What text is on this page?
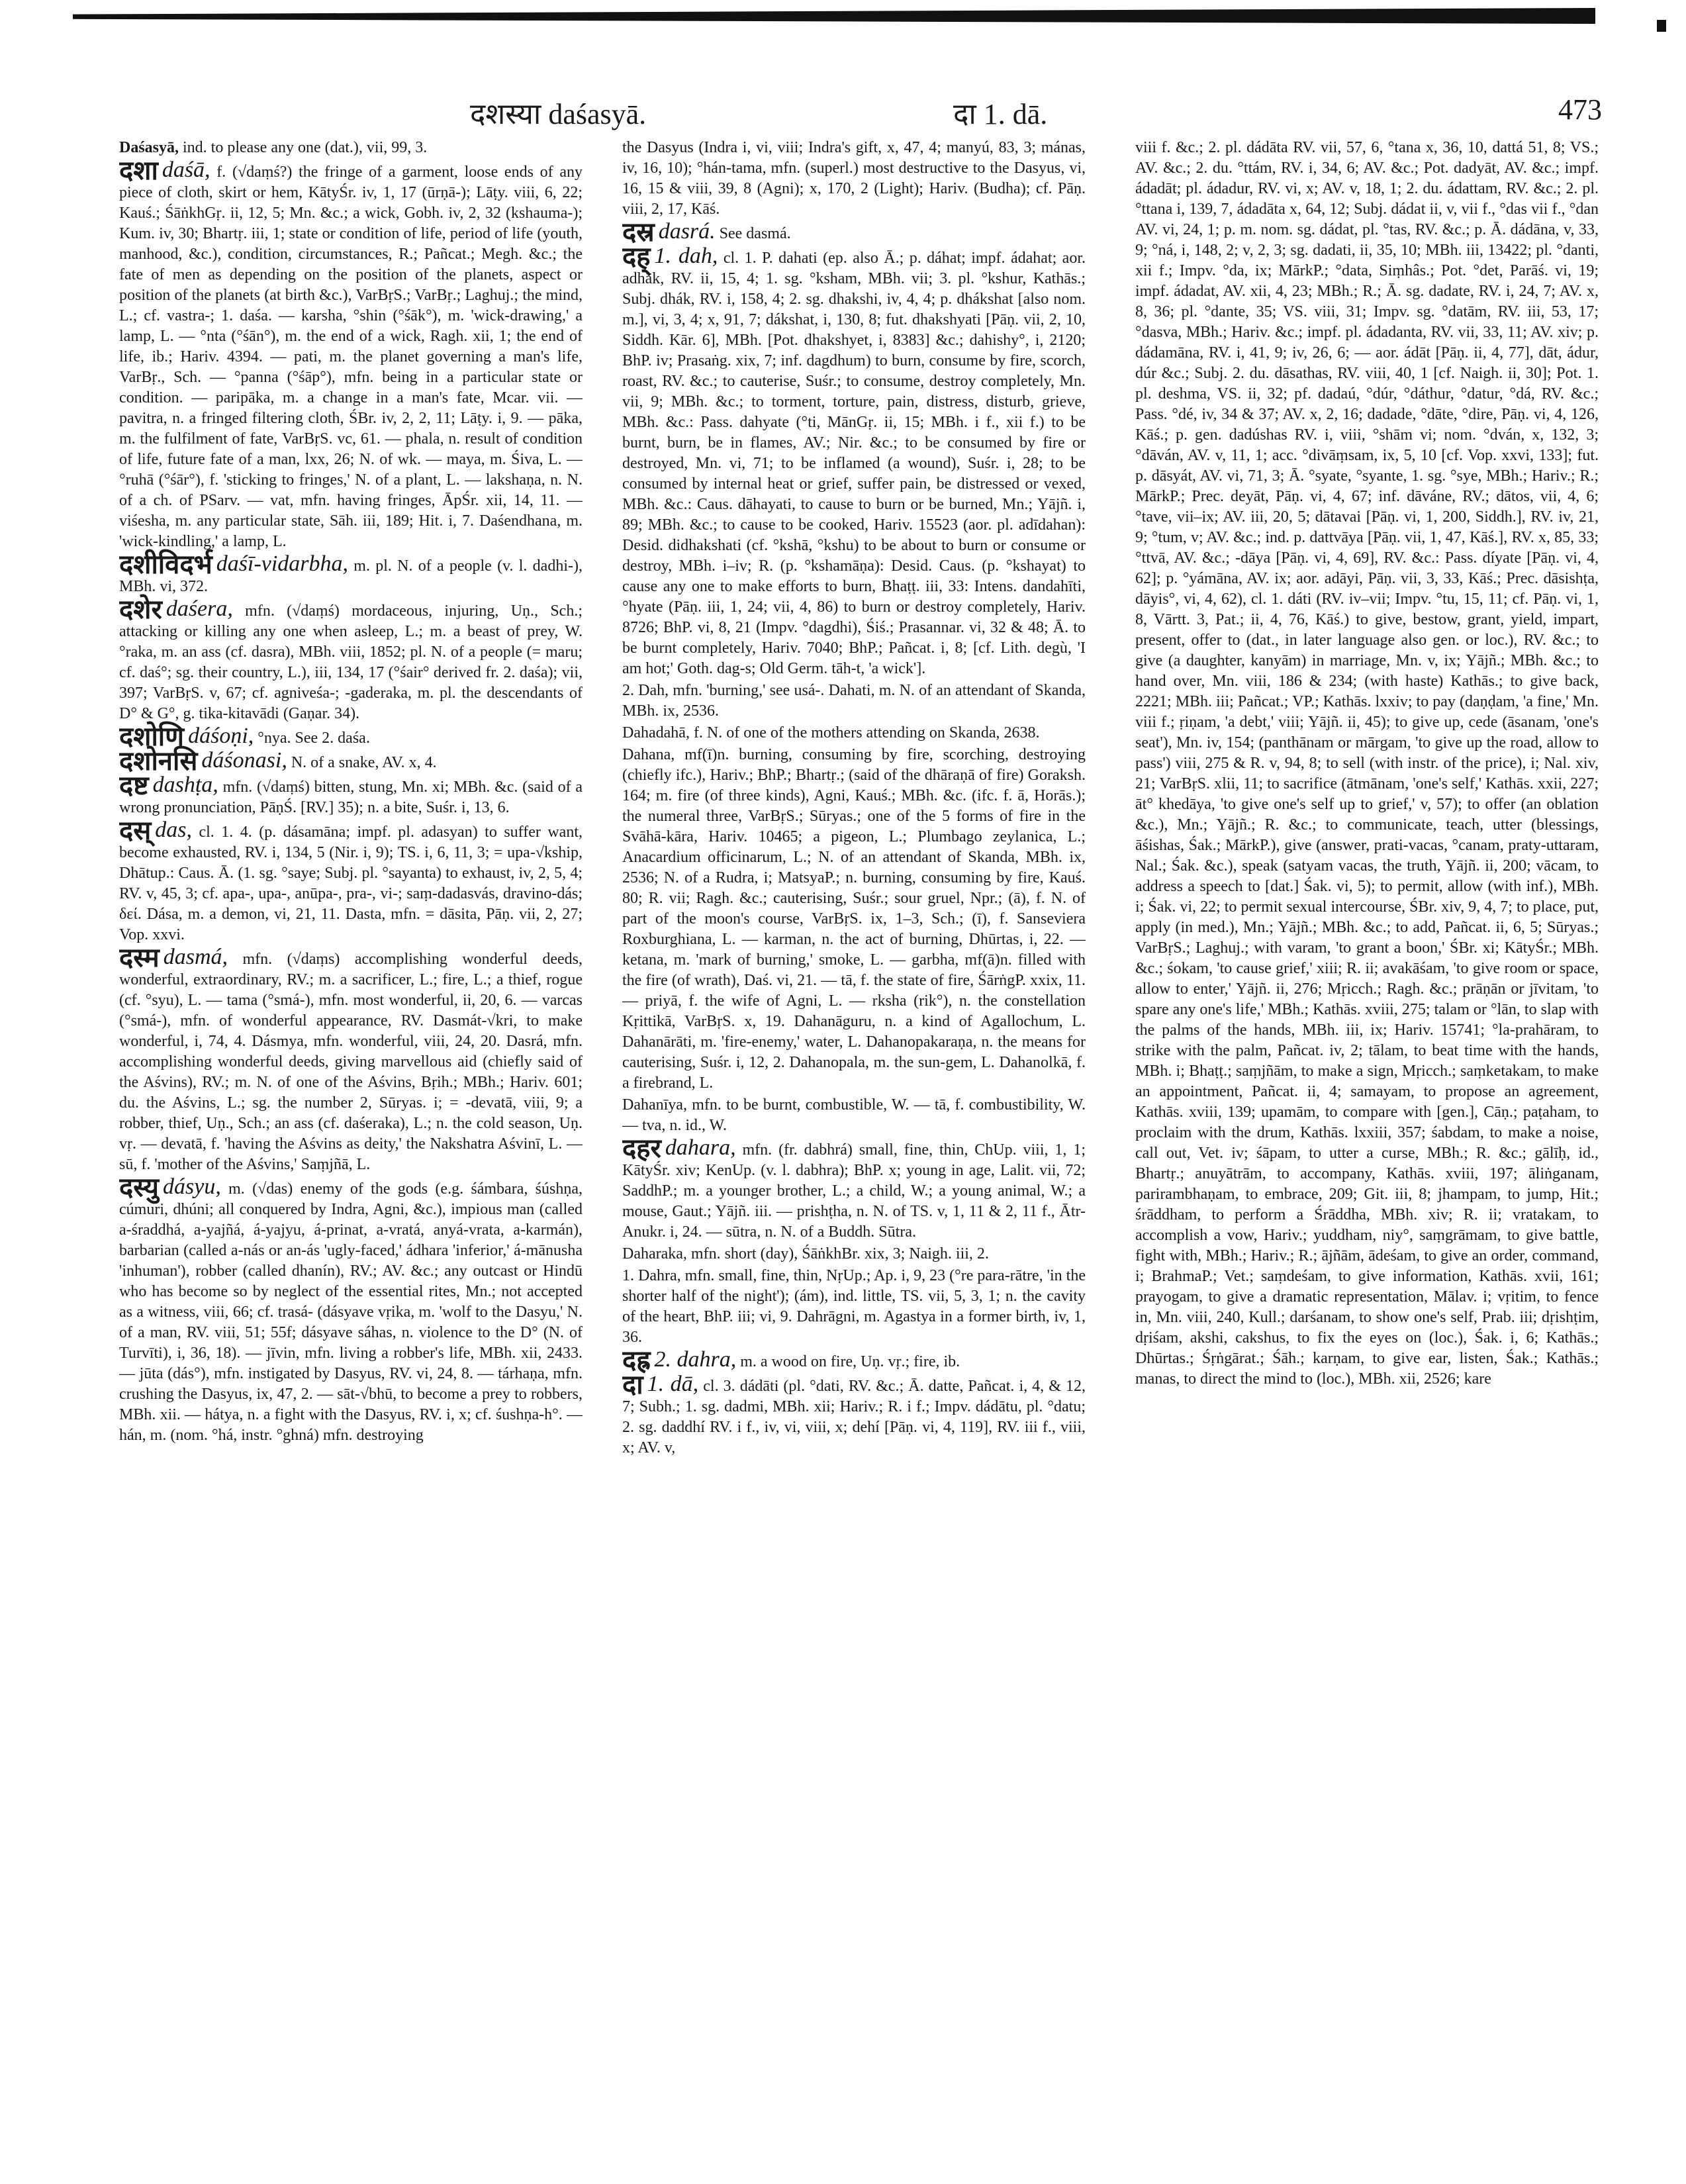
दशस्या daśasyā.	दा 1. dā.	473

Daśasyā, ind. to please any one (dat.), vii, 99, 3.

दशा daśā, f. (√daṃś?) the fringe of a garment, loose ends of any piece of cloth, skirt or hem, KātyŚr. iv, 1, 17 (ūrṇā-); Lāṭy. viii, 6, 22; Kauś.; ŚāṅkhGṛ. ii, 12, 5; Mn. &c.; a wick, Gobh. iv, 2, 32 (kshauma-); Kum. iv, 30; Bhartṛ. iii, 1; state or condition of life, period of life (youth, manhood, &c.), condition, circumstances, R.; Pañcat.; Megh. &c.; the fate of men as depending on the position of the planets, aspect or position of the planets (at birth &c.), VarBṛS.; VarBṛ.; Laghuj.; the mind, L.; cf. vastra-; 1. daśa. — karsha, °shin (°śāk°), m. 'wick-drawing,' a lamp, L. — °nta (°śān°), m. the end of a wick, Ragh. xii, 1; the end of life, ib.; Hariv. 4394. — pati, m. the planet governing a man's life, VarBṛ., Sch. — °panna (°śāp°), mfn. being in a particular state or condition. — paripāka, m. a change in a man's fate, Mcar. vii. — pavitra, n. a fringed filtering cloth, ŚBr. iv, 2, 2, 11; Lāṭy. i, 9. — pāka, m. the fulfilment of fate, VarBṛS. vc, 61. — phala, n. result of condition of life, future fate of a man, lxx, 26; N. of wk. — maya, m. Śiva, L. — °ruhā (°śār°), f. 'sticking to fringes,' N. of a plant, L. — lakshaṇa, n. N. of a ch. of PSarv. — vat, mfn. having fringes, ĀpŚr. xii, 14, 11. — viśesha, m. any particular state, Sāh. iii, 189; Hit. i, 7. Daśendhana, m. 'wick-kindling,' a lamp, L.

दशीविदर्भ daśī-vidarbha, m. pl. N. of a people (v. l. dadhi-), MBh. vi, 372.

दशेर daśera, mfn. (√daṃś) mordaceous, injuring, Uṇ., Sch.; attacking or killing any one when asleep, L.; m. a beast of prey, W. °raka, m. an ass (cf. dasra), MBh. viii, 1852; pl. N. of a people (= maru; cf. daś°; sg. their country, L.), iii, 134, 17 (°śair° derived fr. 2. daśa); vii, 397; VarBṛS. v, 67; cf. agniveśa-; -gaderaka, m. pl. the descendants of D° & G°, g. tika-kitavādi (Gaṇar. 34).

दशोणि dáśoṇi, °nya. See 2. daśa.

दशोनसि dáśonasi, N. of a snake, AV. x, 4.

दष्ट dashṭa, mfn. (√daṃś) bitten, stung, Mn. xi; MBh. &c. (said of a wrong pronunciation, PāṇŚ. [RV.] 35); n. a bite, Suśr. i, 13, 6.

दस् das, cl. 1. 4. (p. dásamāna; impf. pl. adasyan) to suffer want, become exhausted, RV. i, 134, 5 (Nir. i, 9); TS. i, 6, 11, 3; = upa-√kship, Dhātup.: Caus. Ā. (1. sg. °saye; Subj. pl. °sayanta) to exhaust, iv, 2, 5, 4; RV. v, 45, 3; cf. apa-, upa-, anūpa-, pra-, vi-; saṃ-dadasvás, dravino-dás; δεί. Dása, m. a demon, vi, 21, 11. Dasta, mfn. = dāsita, Pāṇ. vii, 2, 27; Vop. xxvi.

दस्म dasmá, mfn. (√daṃs) accomplishing wonderful deeds, wonderful, extraordinary, RV.; m. a sacrificer, L.; fire, L.; a thief, rogue (cf. °syu), L. — tama (°smá-), mfn. most wonderful, ii, 20, 6. — varcas (°smá-), mfn. of wonderful appearance, RV. Dasmát-√kri, to make wonderful, i, 74, 4. Dásmya, mfn. wonderful, viii, 24, 20. Dasrá, mfn. accomplishing wonderful deeds, giving marvellous aid (chiefly said of the Aśvins), RV.; m. N. of one of the Aśvins, Bṛih.; MBh.; Hariv. 601; du. the Aśvins, L.; sg. the number 2, Sūryas. i; = -devatā, viii, 9; a robber, thief, Uṇ., Sch.; an ass (cf. daśeraka), L.; n. the cold season, Uṇ. vṛ. — devatā, f. 'having the Aśvins as deity,' the Nakshatra Aśvinī, L. — sū, f. 'mother of the Aśvins,' Saṃjñā, L.

दस्यु dásyu, m. (√das) enemy of the gods (e.g. śámbara, śúshṇa, cúmuri, dhúni; all conquered by Indra, Agni, &c.), impious man (called a-śraddhá, a-yajñá, á-yajyu, á-prinat, a-vratá, anyá-vrata, a-karmán), barbarian (called a-nás or an-ás 'ugly-faced,' ádhara 'inferior,' á-mānusha 'inhuman'), robber (called dhanín), RV.; AV. &c.; any outcast or Hindū who has become so by neglect of the essential rites, Mn.; not accepted as a witness, viii, 66; cf. trasá- (dásyave vṛika, m. 'wolf to the Dasyu,' N. of a man, RV. viii, 51; 55f; dásyave sáhas, n. violence to the D° (N. of Turvīti), i, 36, 18). — jīvin, mfn. living a robber's life, MBh. xii, 2433. — jūta (dás°), mfn. instigated by Dasyus, RV. vi, 24, 8. — tárhaṇa, mfn. crushing the Dasyus, ix, 47, 2. — sāt-√bhū, to become a prey to robbers, MBh. xii. — hátya, n. a fight with the Dasyus, RV. i, x; cf. śushṇa-h°. — hán, m. (nom. °há, instr. °ghná) mfn. destroying

the Dasyus (Indra i, vi, viii; Indra's gift, x, 47, 4; manyú, 83, 3; mánas, iv, 16, 10); °hán-tama, mfn. (superl.) most destructive to the Dasyus, vi, 16, 15 & viii, 39, 8 (Agni); x, 170, 2 (Light); Hariv. (Budha); cf. Pāṇ. viii, 2, 17, Kāś.

दस्र dasrá. See dasmá.

दह् 1. dah, cl. 1. P. dahati (ep. also Ā.; p. dáhat; impf. ádahat; aor. adhāk, RV. ii, 15, 4; 1. sg. °ksham, MBh. vii; 3. pl. °kshur, Kathās.; Subj. dhák, RV. i, 158, 4; 2. sg. dhakshi, iv, 4, 4; p. dhákshat [also nom. m.], vi, 3, 4; x, 91, 7; dákshat, i, 130, 8; fut. dhakshyati [Pāṇ. vii, 2, 10, Siddh. Kār. 6], MBh. [Pot. dhakshyet, i, 8383] &c.; dahishy°, i, 2120; BhP. iv; Prasaṅg. xix, 7; inf. dagdhum) to burn, consume by fire, scorch, roast, RV. &c.; to cauterise, Suśr.; to consume, destroy completely, Mn. vii, 9; MBh. &c.; to torment, torture, pain, distress, disturb, grieve, MBh. &c.: Pass. dahyate (°ti, MānGṛ. ii, 15; MBh. i f., xii f.) to be burnt, burn, be in flames, AV.; Nir. &c.; to be consumed by fire or destroyed, Mn. vi, 71; to be inflamed (a wound), Suśr. i, 28; to be consumed by internal heat or grief, suffer pain, be distressed or vexed, MBh. &c.: Caus. dāhayati, to cause to burn or be burned, Mn.; Yājñ. i, 89; MBh. &c.; to cause to be cooked, Hariv. 15523 (aor. pl. adīdahan): Desid. didhakshati (cf. °kshā, °kshu) to be about to burn or consume or destroy, MBh. i–iv; R. (p. °kshamāṇa): Desid. Caus. (p. °kshayat) to cause any one to make efforts to burn, Bhaṭṭ. iii, 33: Intens. dandahīti, °hyate (Pāṇ. iii, 1, 24; vii, 4, 86) to burn or destroy completely, Hariv. 8726; BhP. vi, 8, 21 (Impv. °dagdhi), Śiś.; Prasannar. vi, 32 & 48; Ā. to be burnt completely, Hariv. 7040; BhP.; Pañcat. i, 8; [cf. Lith. degù, 'I am hot;' Goth. dag-s; Old Germ. tāh-t, 'a wick'].

2. Dah, mfn. 'burning,' see usá-. Dahati, m. N. of an attendant of Skanda, MBh. ix, 2536.

Dahadahā, f. N. of one of the mothers attending on Skanda, 2638.

Dahana, mf(ī)n. burning, consuming by fire, scorching, destroying (chiefly ifc.), Hariv.; BhP.; Bhartṛ.; (said of the dhāraṇā of fire) Goraksh. 164; m. fire (of three kinds), Agni, Kauś.; MBh. &c. (ifc. f. ā, Horās.); the numeral three, VarBṛS.; Sūryas.; one of the 5 forms of fire in the Svāhā-kāra, Hariv. 10465; a pigeon, L.; Plumbago zeylanica, L.; Anacardium officinarum, L.; N. of an attendant of Skanda, MBh. ix, 2536; N. of a Rudra, i; MatsyaP.; n. burning, consuming by fire, Kauś. 80; R. vii; Ragh. &c.; cauterising, Suśr.; sour gruel, Npr.; (ā), f. N. of part of the moon's course, VarBṛS. ix, 1–3, Sch.; (ī), f. Sanseviera Roxburghiana, L. — karman, n. the act of burning, Dhūrtas, i, 22. — ketana, m. 'mark of burning,' smoke, L. — garbha, mf(ā)n. filled with the fire (of wrath), Daś. vi, 21. — tā, f. the state of fire, ŚārṅgP. xxix, 11. — priyā, f. the wife of Agni, L. — rksha (rik°), n. the constellation Kṛittikā, VarBṛS. x, 19. Dahanāguru, n. a kind of Agallochum, L. Dahanārāti, m. 'fire-enemy,' water, L. Dahanopakaraṇa, n. the means for cauterising, Suśr. i, 12, 2. Dahanopala, m. the sun-gem, L. Dahanolkā, f. a firebrand, L.

Dahanīya, mfn. to be burnt, combustible, W. — tā, f. combustibility, W. — tva, n. id., W.

दहर dahara, mfn. (fr. dabhrá) small, fine, thin, ChUp. viii, 1, 1; KātyŚr. xiv; KenUp. (v. l. dabhra); BhP. x; young in age, Lalit. vii, 72; SaddhP.; m. a younger brother, L.; a child, W.; a young animal, W.; a mouse, Gaut.; Yājñ. iii. — prishṭha, n. N. of TS. v, 1, 11 & 2, 11 f., Ātr-Anukr. i, 24. — sūtra, n. N. of a Buddh. Sūtra.

Daharaka, mfn. short (day), ŚāṅkhBr. xix, 3; Naigh. iii, 2.

1. Dahra, mfn. small, fine, thin, NṛUp.; Ap. i, 9, 23 (°re para-rātre, 'in the shorter half of the night'); (ám), ind. little, TS. vii, 5, 3, 1; n. the cavity of the heart, BhP. iii; vi, 9. Dahrāgni, m. Agastya in a former birth, iv, 1, 36.

दह्र 2. dahra, m. a wood on fire, Uṇ. vṛ.; fire, ib.

दा 1. dā, cl. 3. dádāti (pl. °dati, RV. &c.; Ā. datte, Pañcat. i, 4, & 12, 7; Subh.; 1. sg. dadmi, MBh. xii; Hariv.; R. i f.; Impv. dádātu, pl. °datu; 2. sg. daddhí RV. i f., iv, vi, viii, x; dehí [Pāṇ. vi, 4, 119], RV. iii f., viii, x; AV. v,

viii f. &c.; 2. pl. dádāta RV. vii, 57, 6, °tana x, 36, 10, dattá 51, 8; VS.; AV. &c.; 2. du. °ttám, RV. i, 34, 6; AV. &c.; Pot. dadyāt, AV. &c.; impf. ádadāt; pl. ádadur, RV. vi, x; AV. v, 18, 1; 2. du. ádattam, RV. &c.; 2. pl. °ttana i, 139, 7, ádadāta x, 64, 12; Subj. dádat ii, v, vii f., °das vii f., °dan AV. vi, 24, 1; p. m. nom. sg. dádat, pl. °tas, RV. &c.; p. Ā. dádāna, v, 33, 9; °ná, i, 148, 2; v, 2, 3; sg. dadati, ii, 35, 10; MBh. iii, 13422; pl. °danti, xii f.; Impv. °da, ix; MārkP.; °data, Siṃhâs.; Pot. °det, Parāś. vi, 19; impf. ádadat, AV. xii, 4, 23; MBh.; R.; Ā. sg. dadate, RV. i, 24, 7; AV. x, 8, 36; pl. °dante, 35; VS. viii, 31; Impv. sg. °datām, RV. iii, 53, 17; °dasva, MBh.; Hariv. &c.; impf. pl. ádadanta, RV. vii, 33, 11; AV. xiv; p. dádamāna, RV. i, 41, 9; iv, 26, 6; — aor. ádāt [Pāṇ. ii, 4, 77], dāt, ádur, dúr &c.; Subj. 2. du. dāsathas, RV. viii, 40, 1 [cf. Naigh. ii, 30]; Pot. 1. pl. deshma, VS. ii, 32; pf. dadaú, °dúr, °dáthur, °datur, °dá, RV. &c.; Pass. °dé, iv, 34 & 37; AV. x, 2, 16; dadade, °dāte, °dire, Pāṇ. vi, 4, 126, Kāś.; p. gen. dadúshas RV. i, viii, °shām vi; nom. °dván, x, 132, 3; °dāván, AV. v, 11, 1; acc. °divāṃsam, ix, 5, 10 [cf. Vop. xxvi, 133]; fut. p. dāsyát, AV. vi, 71, 3; Ā. °syate, °syante, 1. sg. °sye, MBh.; Hariv.; R.; MārkP.; Prec. deyāt, Pāṇ. vi, 4, 67; inf. dāváne, RV.; dātos, vii, 4, 6; °tave, vii–ix; AV. iii, 20, 5; dātavai [Pāṇ. vi, 1, 200, Siddh.], RV. iv, 21, 9; °tum, v; AV. &c.; ind. p. dattvāya [Pāṇ. vii, 1, 47, Kāś.], RV. x, 85, 33; °ttvā, AV. &c.; -dāya [Pāṇ. vi, 4, 69], RV. &c.: Pass. díyate [Pāṇ. vi, 4, 62]; p. °yámāna, AV. ix; aor. adāyi, Pāṇ. vii, 3, 33, Kāś.; Prec. dāsishṭa, dāyis°, vi, 4, 62), cl. 1. dáti (RV. iv–vii; Impv. °tu, 15, 11; cf. Pāṇ. vi, 1, 8, Vārtt. 3, Pat.; ii, 4, 76, Kāś.) to give, bestow, grant, yield, impart, present, offer to (dat., in later language also gen. or loc.), RV. &c.; to give (a daughter, kanyām) in marriage, Mn. v, ix; Yājñ.; MBh. &c.; to hand over, Mn. viii, 186 & 234; (with haste) Kathās.; to give back, 2221; MBh. iii; Pañcat.; VP.; Kathās. lxxiv; to pay (daṇḍam, 'a fine,' Mn. viii f.; ṛiṇam, 'a debt,' viii; Yājñ. ii, 45); to give up, cede (āsanam, 'one's seat'), Mn. iv, 154; (panthānam or mārgam, 'to give up the road, allow to pass') viii, 275 & R. v, 94, 8; to sell (with instr. of the price), i; Nal. xiv, 21; VarBṛS. xlii, 11; to sacrifice (ātmānam, 'one's self,' Kathās. xxii, 227; āt° khedāya, 'to give one's self up to grief,' v, 57); to offer (an oblation &c.), Mn.; Yājñ.; R. &c.; to communicate, teach, utter (blessings, āśishas, Śak.; MārkP.), give (answer, prati-vacas, °canam, praty-uttaram, Nal.; Śak. &c.), speak (satyam vacas, the truth, Yājñ. ii, 200; vācam, to address a speech to [dat.] Śak. vi, 5); to permit, allow (with inf.), MBh. i; Śak. vi, 22; to permit sexual intercourse, ŚBr. xiv, 9, 4, 7; to place, put, apply (in med.), Mn.; Yājñ.; MBh. &c.; to add, Pañcat. ii, 6, 5; Sūryas.; VarBṛS.; Laghuj.; with varam, 'to grant a boon,' ŚBr. xi; KātyŚr.; MBh. &c.; śokam, 'to cause grief,' xiii; R. ii; avakāśam, 'to give room or space, allow to enter,' Yājñ. ii, 276; Mṛicch.; Ragh. &c.; prāṇān or jīvitam, 'to spare any one's life,' MBh.; Kathās. xviii, 275; talam or °lān, to slap with the palms of the hands, MBh. iii, ix; Hariv. 15741; °la-prahāram, to strike with the palm, Pañcat. iv, 2; tālam, to beat time with the hands, MBh. i; Bhaṭṭ.; saṃjñām, to make a sign, Mṛicch.; saṃketakam, to make an appointment, Pañcat. ii, 4; samayam, to propose an agreement, Kathās. xviii, 139; upamām, to compare with [gen.], Cāṇ.; paṭaham, to proclaim with the drum, Kathās. lxxiii, 357; śabdam, to make a noise, call out, Vet. iv; śāpam, to utter a curse, MBh.; R. &c.; gālīḥ, id., Bhartṛ.; anuyātrām, to accompany, Kathās. xviii, 197; āliṅganam, parirambhaṇam, to embrace, 209; Git. iii, 8; jhampam, to jump, Hit.; śrāddham, to perform a Śrāddha, MBh. xiv; R. ii; vratakam, to accomplish a vow, Hariv.; yuddham, niy°, saṃgrāmam, to give battle, fight with, MBh.; Hariv.; R.; ājñām, ādeśam, to give an order, command, i; BrahmaP.; Vet.; saṃdeśam, to give information, Kathās. xvii, 161; prayogam, to give a dramatic representation, Mālav. i; vṛitim, to fence in, Mn. viii, 240, Kull.; darśanam, to show one's self, Prab. iii; dṛishṭim, dṛiśam, akshi, cakshus, to fix the eyes on (loc.), Śak. i, 6; Kathās.; Dhūrtas.; Śṛṅgārat.; Śāh.; karṇam, to give ear, listen, Śak.; Kathās.; manas, to direct the mind to (loc.), MBh. xii, 2526; kare
